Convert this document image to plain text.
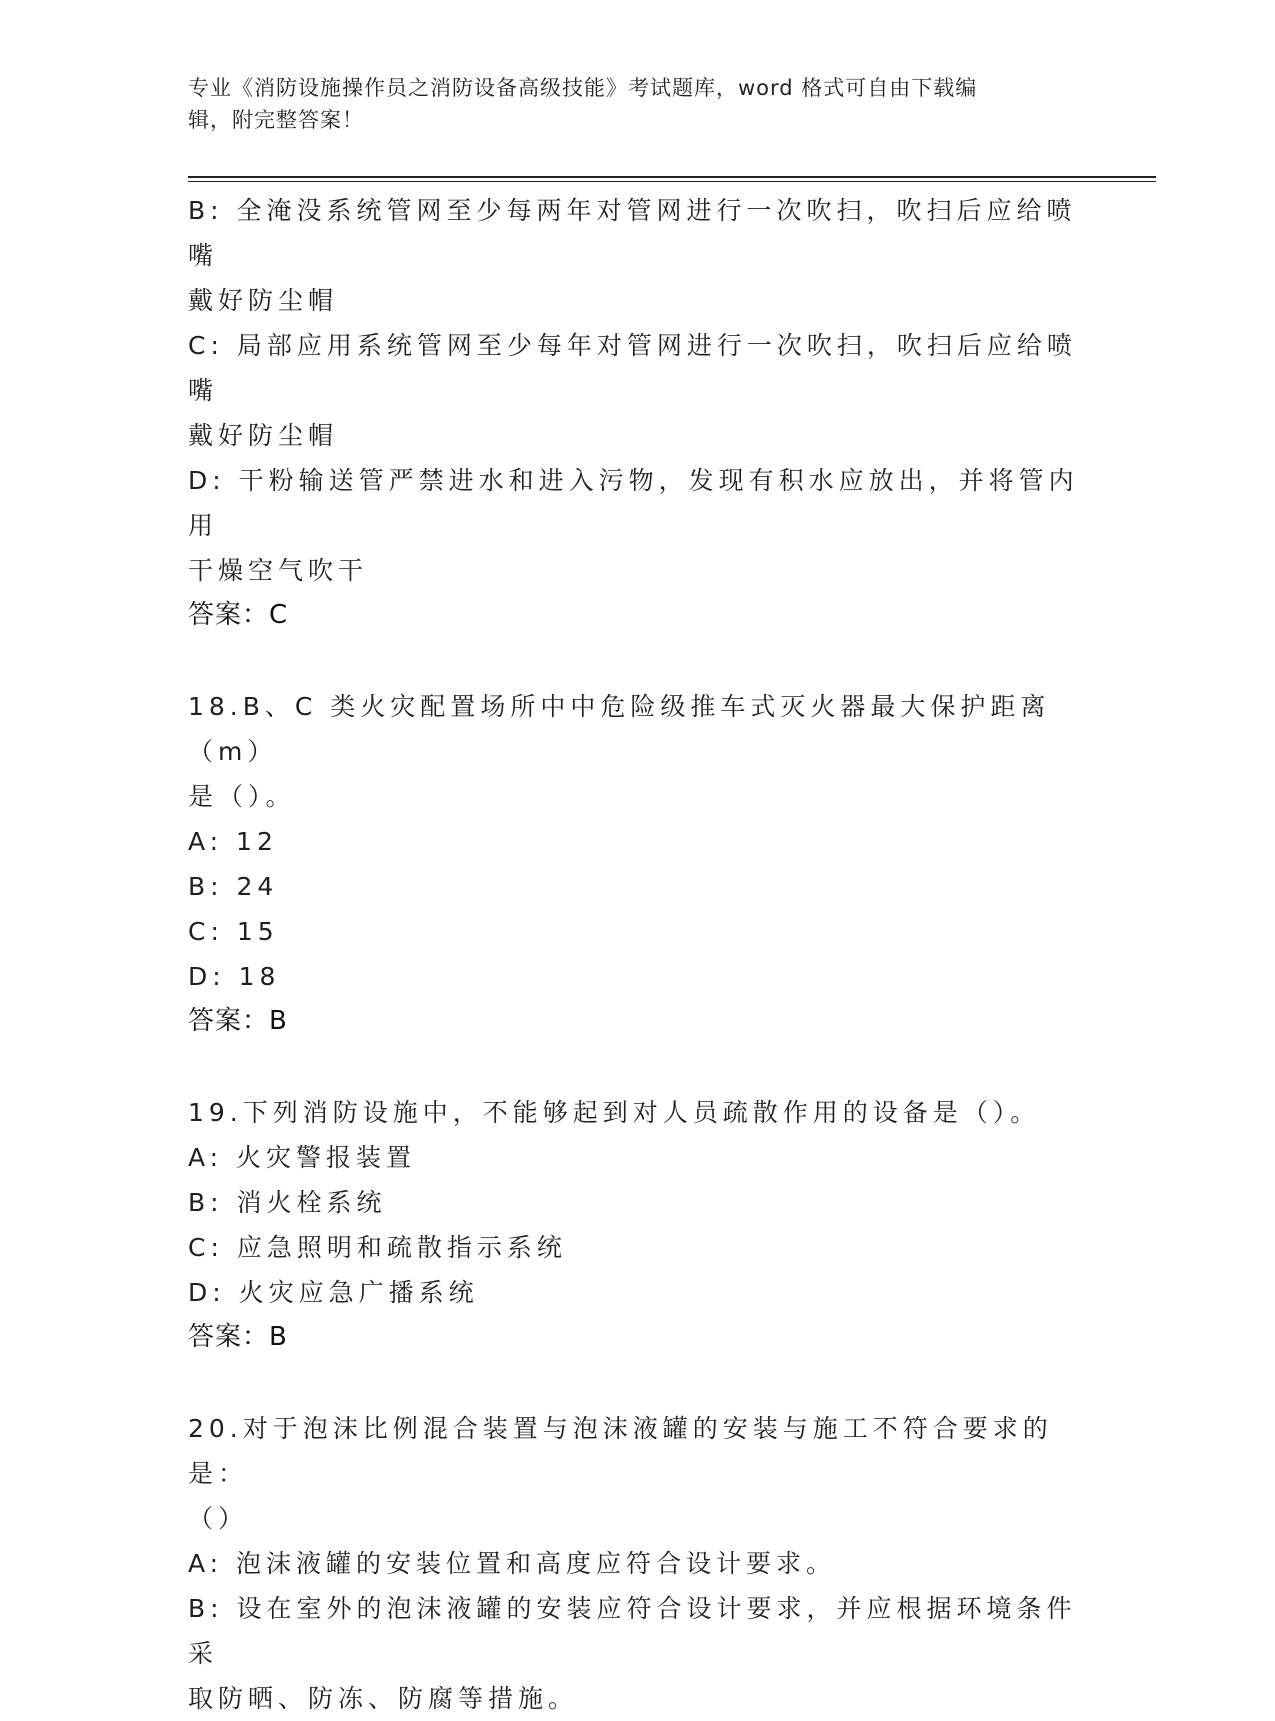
专业《消防设施操作员之消防设备高级技能》考试题库，word 格式可自由下载编
辑，附完整答案！
B: 全淹没系统管网至少每两年对管网进行一次吹扫，吹扫后应给喷嘴
戴好防尘帽
C: 局部应用系统管网至少每年对管网进行一次吹扫，吹扫后应给喷嘴
戴好防尘帽
D: 干粉输送管严禁进水和进入污物，发现有积水应放出，并将管内用
干燥空气吹干
答案：C
18.B、C 类火灾配置场所中中危险级推车式灭火器最大保护距离（m）
是（）。
A: 12
B: 24
C: 15
D: 18
答案：B
19.下列消防设施中，不能够起到对人员疏散作用的设备是（）。
A: 火灾警报装置
B: 消火栓系统
C: 应急照明和疏散指示系统
D: 火灾应急广播系统
答案：B
20.对于泡沫比例混合装置与泡沫液罐的安装与施工不符合要求的是：
（）
A: 泡沫液罐的安装位置和高度应符合设计要求。
B: 设在室外的泡沫液罐的安装应符合设计要求，并应根据环境条件采
取防晒、防冻、防腐等措施。
